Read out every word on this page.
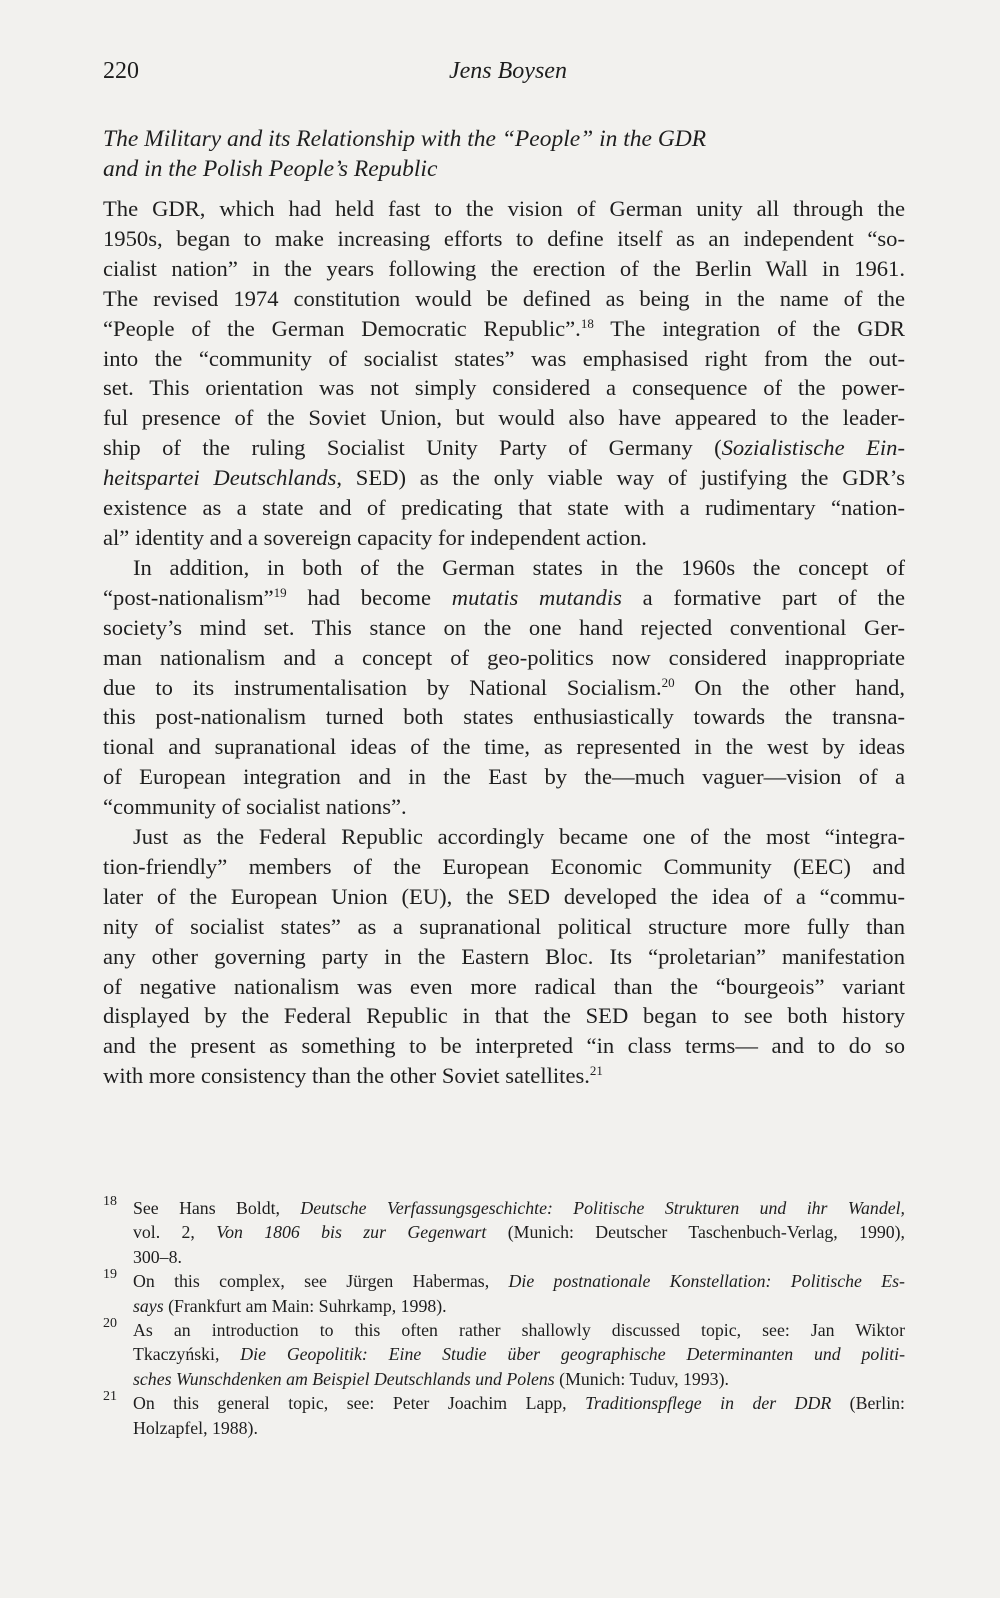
220	Jens Boysen
The Military and its Relationship with the “People” in the GDR
and in the Polish People’s Republic
The GDR, which had held fast to the vision of German unity all through the
1950s, began to make increasing efforts to define itself as an independent “so-
cialist nation” in the years following the erection of the Berlin Wall in 1961.
The revised 1974 constitution would be defined as being in the name of the
“People of the German Democratic Republic”.$^{18}$ The integration of the GDR
into the “community of socialist states” was emphasised right from the out-
set. This orientation was not simply considered a consequence of the power-
ful presence of the Soviet Union, but would also have appeared to the leader-
ship of the ruling Socialist Unity Party of Germany (Sozialistische Ein-
heitspartei Deutschlands, SED) as the only viable way of justifying the GDR’s
existence as a state and of predicating that state with a rudimentary “nation-
al” identity and a sovereign capacity for independent action.
In addition, in both of the German states in the 1960s the concept of
“post-nationalism”$^{19}$ had become mutatis mutandis a formative part of the
society’s mind set. This stance on the one hand rejected conventional Ger-
man nationalism and a concept of geo-politics now considered inappropriate
due to its instrumentalisation by National Socialism.$^{20}$ On the other hand,
this post-nationalism turned both states enthusiastically towards the transna-
tional and supranational ideas of the time, as represented in the west by ideas
of European integration and in the East by the—much vaguer—vision of a
“community of socialist nations”.
Just as the Federal Republic accordingly became one of the most “integra-
tion-friendly” members of the European Economic Community (EEC) and
later of the European Union (EU), the SED developed the idea of a “commu-
nity of socialist states” as a supranational political structure more fully than
any other governing party in the Eastern Bloc. Its “proletarian” manifestation
of negative nationalism was even more radical than the “bourgeois” variant
displayed by the Federal Republic in that the SED began to see both history
and the present as something to be interpreted “in class terms— and to do so
with more consistency than the other Soviet satellites.$^{21}$
18 See Hans Boldt, Deutsche Verfassungsgeschichte: Politische Strukturen und ihr Wandel,
vol. 2, Von 1806 bis zur Gegenwart (Munich: Deutscher Taschenbuch-Verlag, 1990),
300–8.
19 On this complex, see Jürgen Habermas, Die postnationale Konstellation: Politische Es-
says (Frankfurt am Main: Suhrkamp, 1998).
20 As an introduction to this often rather shallowly discussed topic, see: Jan Wiktor
Tkaczyński, Die Geopolitik: Eine Studie über geographische Determinanten und politi-
sches Wunschdenken am Beispiel Deutschlands und Polens (Munich: Tuduv, 1993).
21 On this general topic, see: Peter Joachim Lapp, Traditionspflege in der DDR (Berlin:
Holzapfel, 1988).
